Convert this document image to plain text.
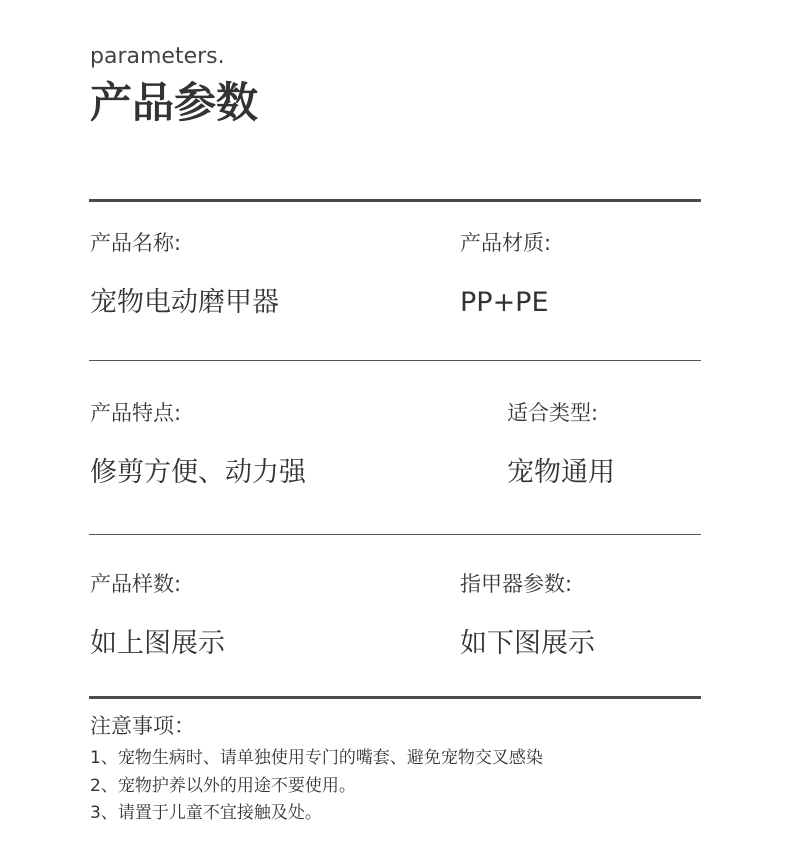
parameters.
产品参数
产品名称:
宠物电动磨甲器
产品材质:
PP+PE
产品特点:
修剪方便、动力强
适合类型:
宠物通用
产品样数:
如上图展示
指甲器参数:
如下图展示
注意事项：
1、宠物生病时、请单独使用专门的嘴套、避免宠物交叉感染
2、宠物护养以外的用途不要使用。
3、请置于儿童不宜接触及处。
